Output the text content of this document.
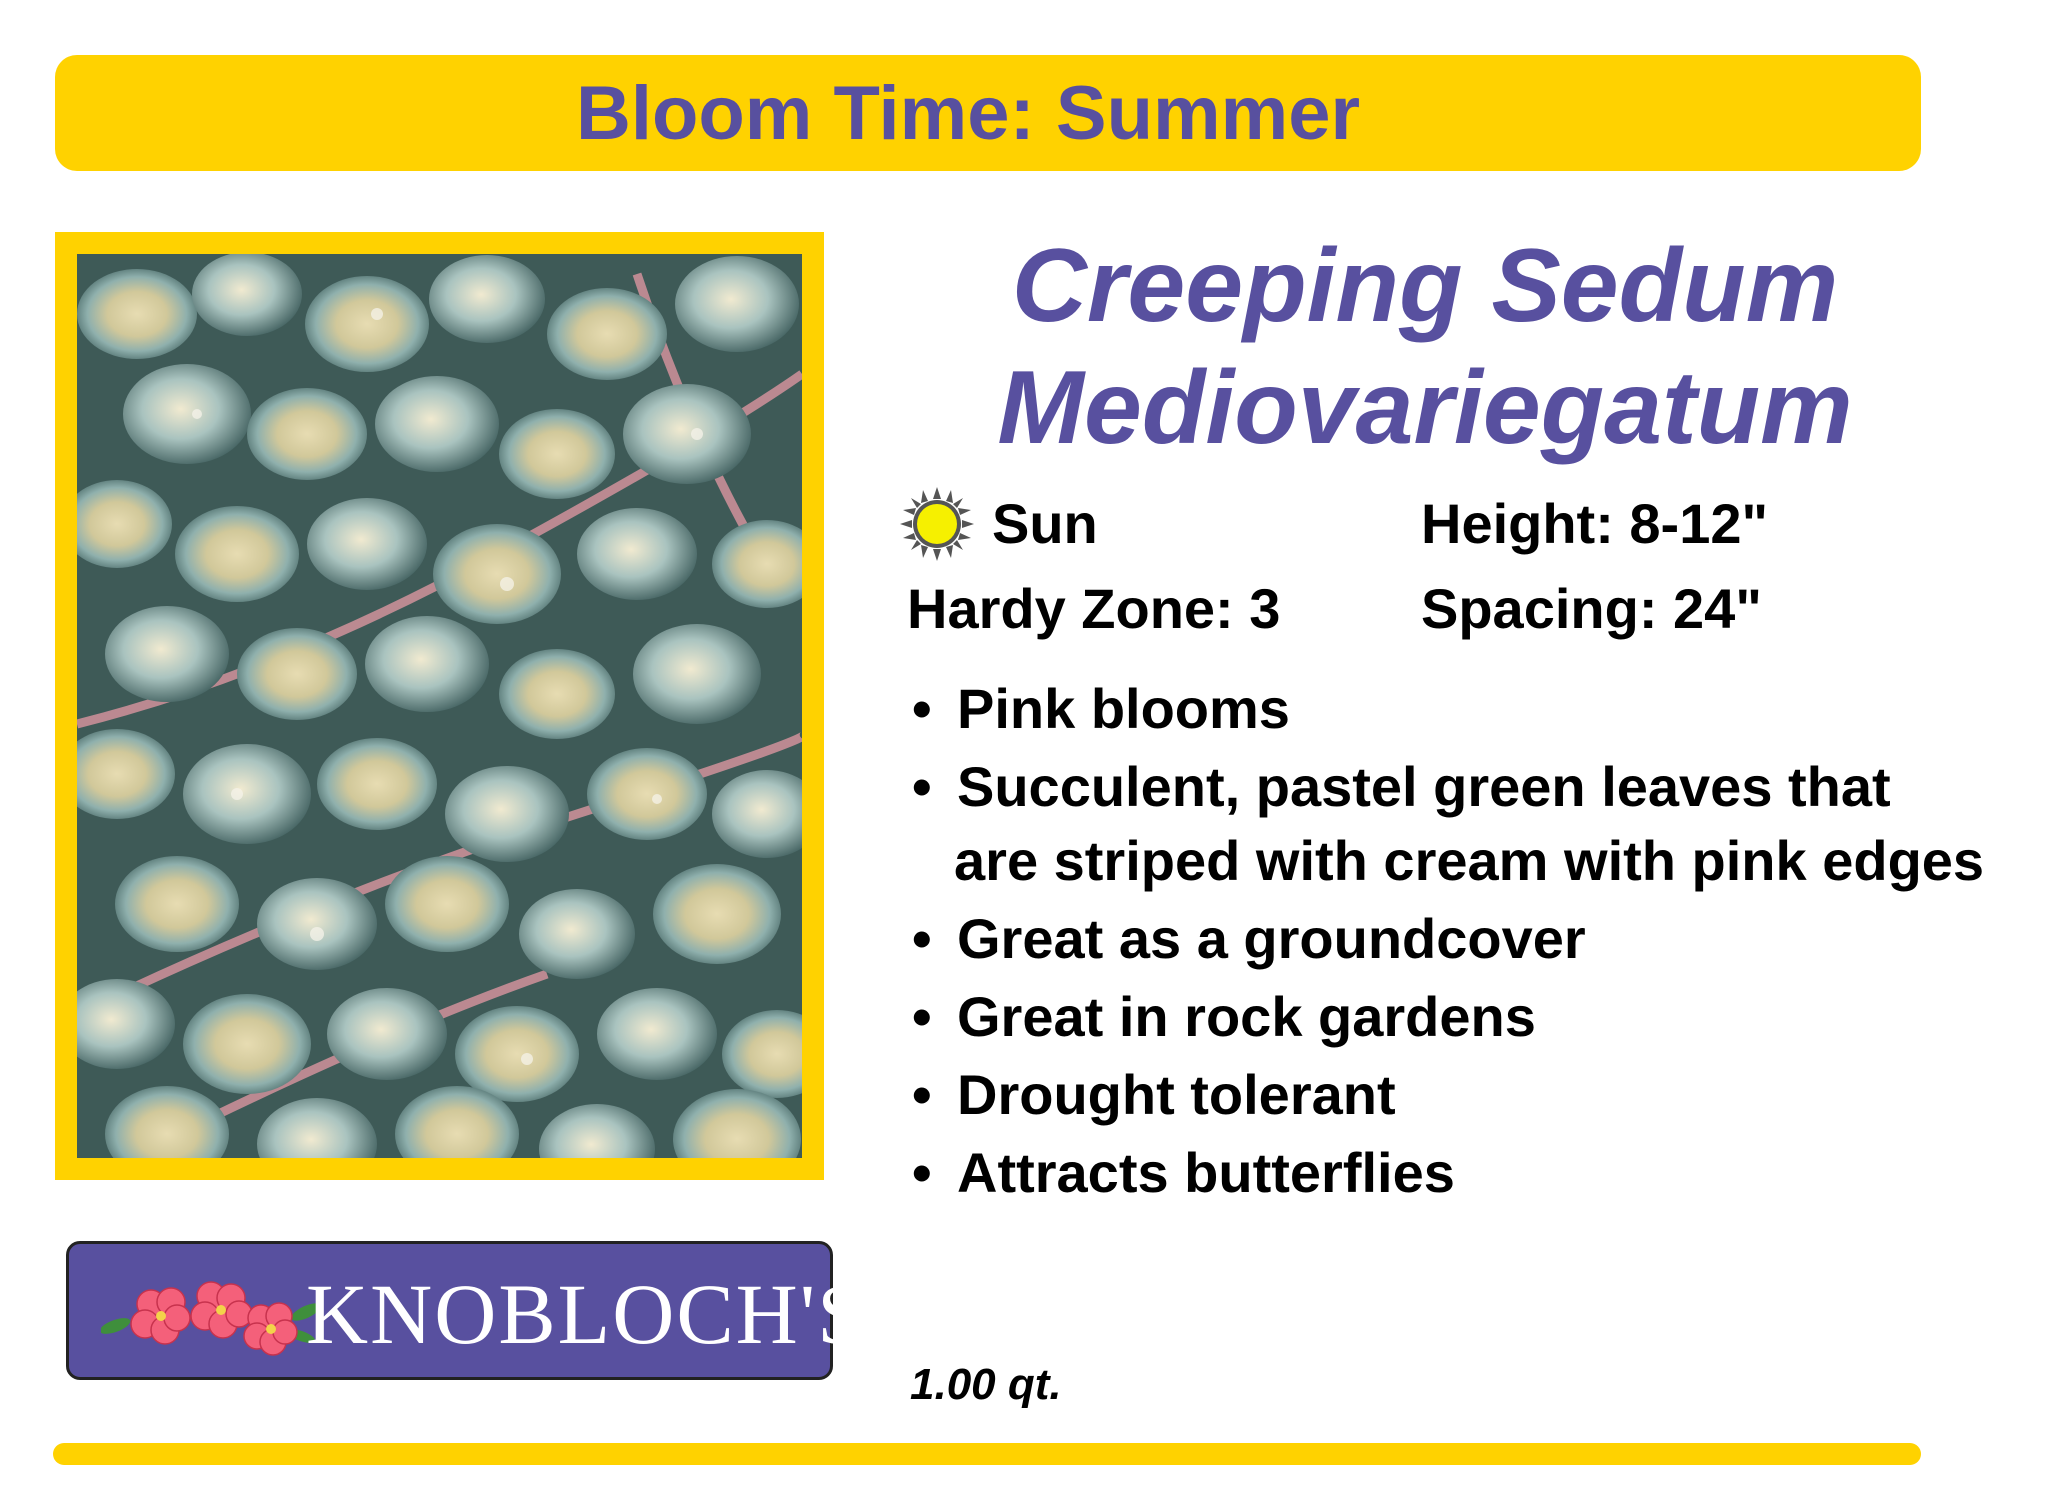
Bloom Time: Summer
Creeping Sedum
Mediovariegatum
Sun	Height: 8-12"
Hardy Zone: 3	Spacing: 24"
• Pink blooms
• Succulent, pastel green leaves that
are striped with cream with pink edges
• Great as a groundcover
• Great in rock gardens
• Drought tolerant
• Attracts butterflies
KNOBLOCH'S
1.00 qt.
